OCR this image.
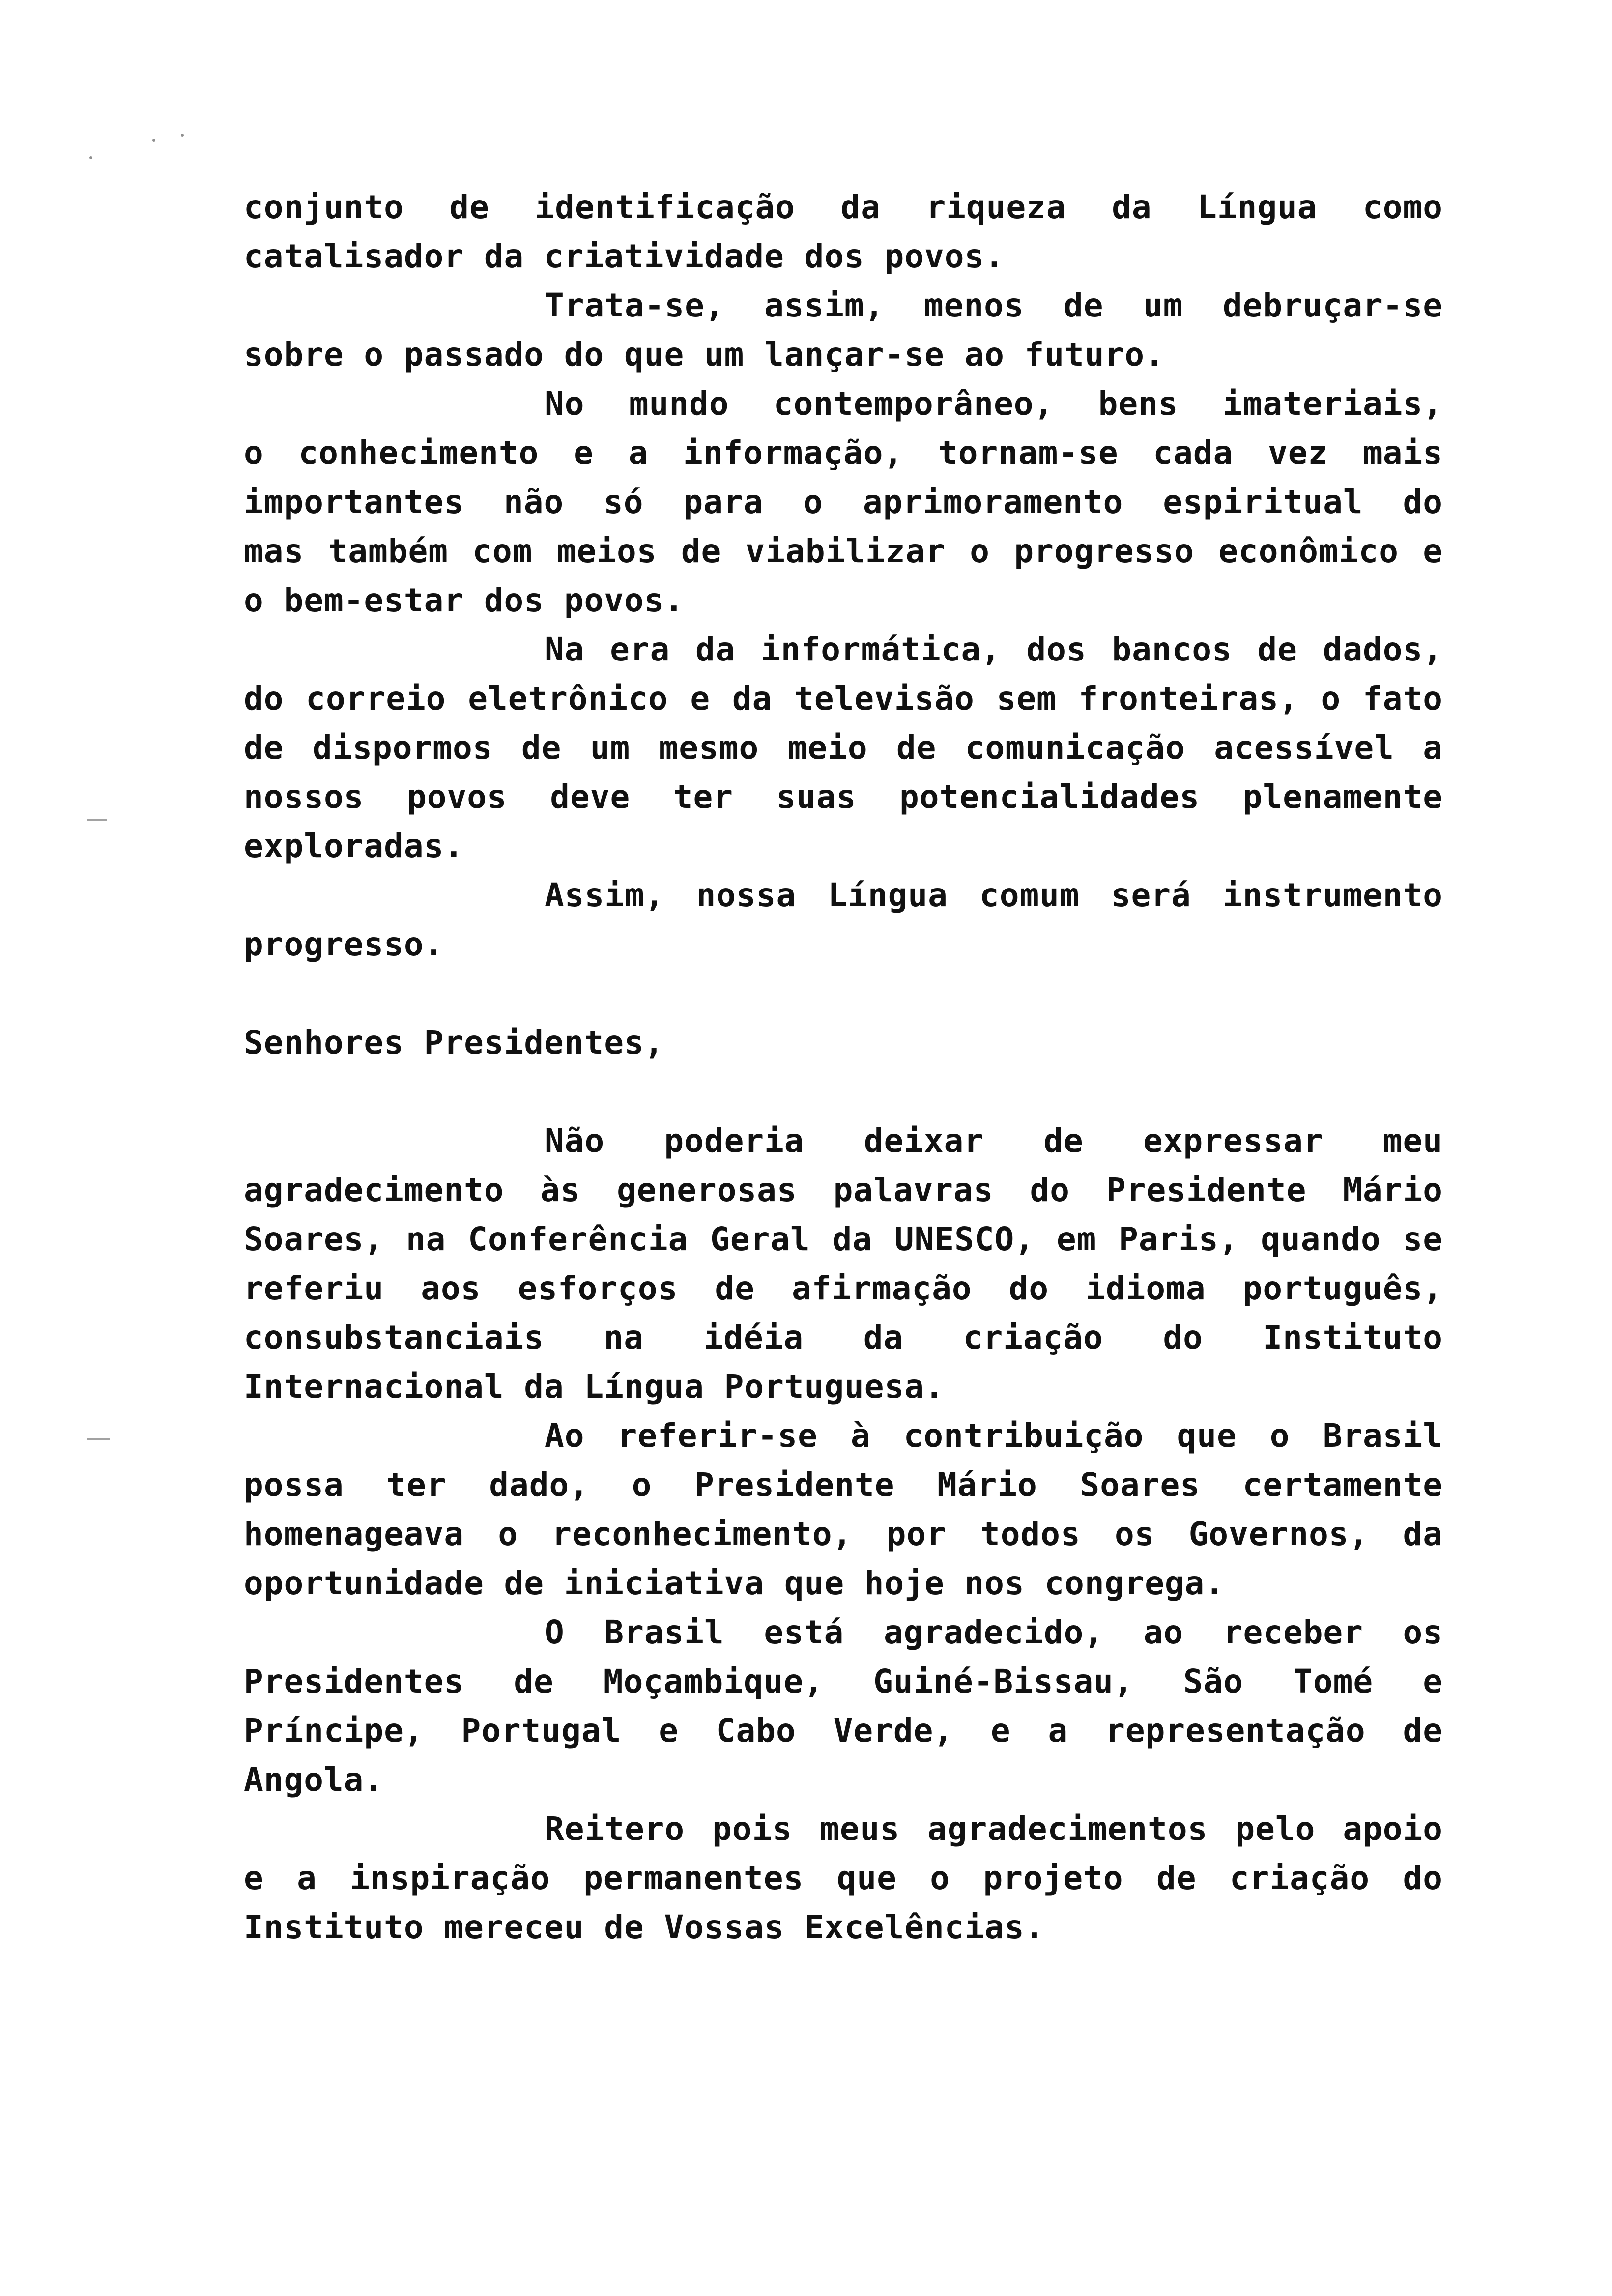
conjunto de identificação da riqueza da Língua como
catalisador da criatividade dos povos.
Trata-se, assim, menos de um debruçar-se
sobre o passado do que um lançar-se ao futuro.
No mundo contemporâneo, bens imateriais,
o conhecimento e a informação, tornam-se cada vez mais
importantes não só para o aprimoramento espiritual do
mas também com meios de viabilizar o progresso econômico e
o bem-estar dos povos.
Na era da informática, dos bancos de dados,
do correio eletrônico e da televisão sem fronteiras, o fato
de dispormos de um mesmo meio de comunicação acessível a
nossos povos deve ter suas potencialidades plenamente
exploradas.
Assim, nossa Língua comum será instrumento
progresso.
Senhores Presidentes,
Não poderia deixar de expressar meu
agradecimento às generosas palavras do Presidente Mário
Soares, na Conferência Geral da UNESCO, em Paris, quando se
referiu aos esforços de afirmação do idioma português,
consubstanciais na idéia da criação do Instituto
Internacional da Língua Portuguesa.
Ao referir-se à contribuição que o Brasil
possa ter dado, o Presidente Mário Soares certamente
homenageava o reconhecimento, por todos os Governos, da
oportunidade de iniciativa que hoje nos congrega.
O Brasil está agradecido, ao receber os
Presidentes de Moçambique, Guiné-Bissau, São Tomé e
Príncipe, Portugal e Cabo Verde, e a representação de
Angola.
Reitero pois meus agradecimentos pelo apoio
e a inspiração permanentes que o projeto de criação do
Instituto mereceu de Vossas Excelências.
